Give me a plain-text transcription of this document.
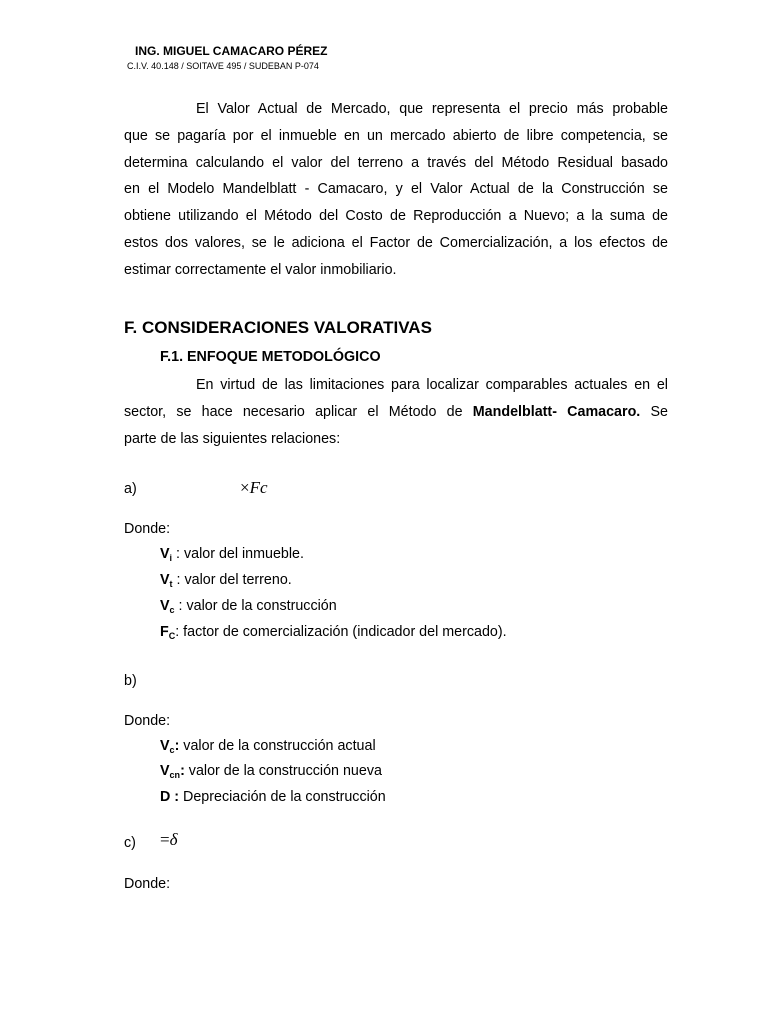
ING. MIGUEL CAMACARO PÉREZ
C.I.V. 40.148 / SOITAVE 495 / SUDEBAN P-074
El Valor Actual de Mercado, que representa el precio más probable
que se pagaría por el inmueble en un mercado abierto de libre competencia, se
determina calculando el valor del terreno a través del Método Residual basado
en el Modelo Mandelblatt - Camacaro, y el Valor Actual de la Construcción se
obtiene utilizando el Método del Costo de Reproducción a Nuevo; a la suma de
estos dos valores, se le adiciona el Factor de Comercialización, a los efectos de
estimar correctamente el valor inmobiliario.
F. CONSIDERACIONES VALORATIVAS
F.1. ENFOQUE METODOLÓGICO
En virtud de las limitaciones para localizar comparables actuales en el
sector, se hace necesario aplicar el Método de Mandelblatt- Camacaro. Se
parte de las siguientes relaciones:
a)	×Fc
Donde:
$V_i$ : valor del inmueble.
$V_t$ : valor del terreno.
$V_c$ : valor de la construcción
$F_C$: factor de comercialización (indicador del mercado).
b)
Donde:
$V_c$: valor de la construcción actual
$V_{cn}$: valor de la construcción nueva
D : Depreciación de la construcción
c) =δ
Donde:
